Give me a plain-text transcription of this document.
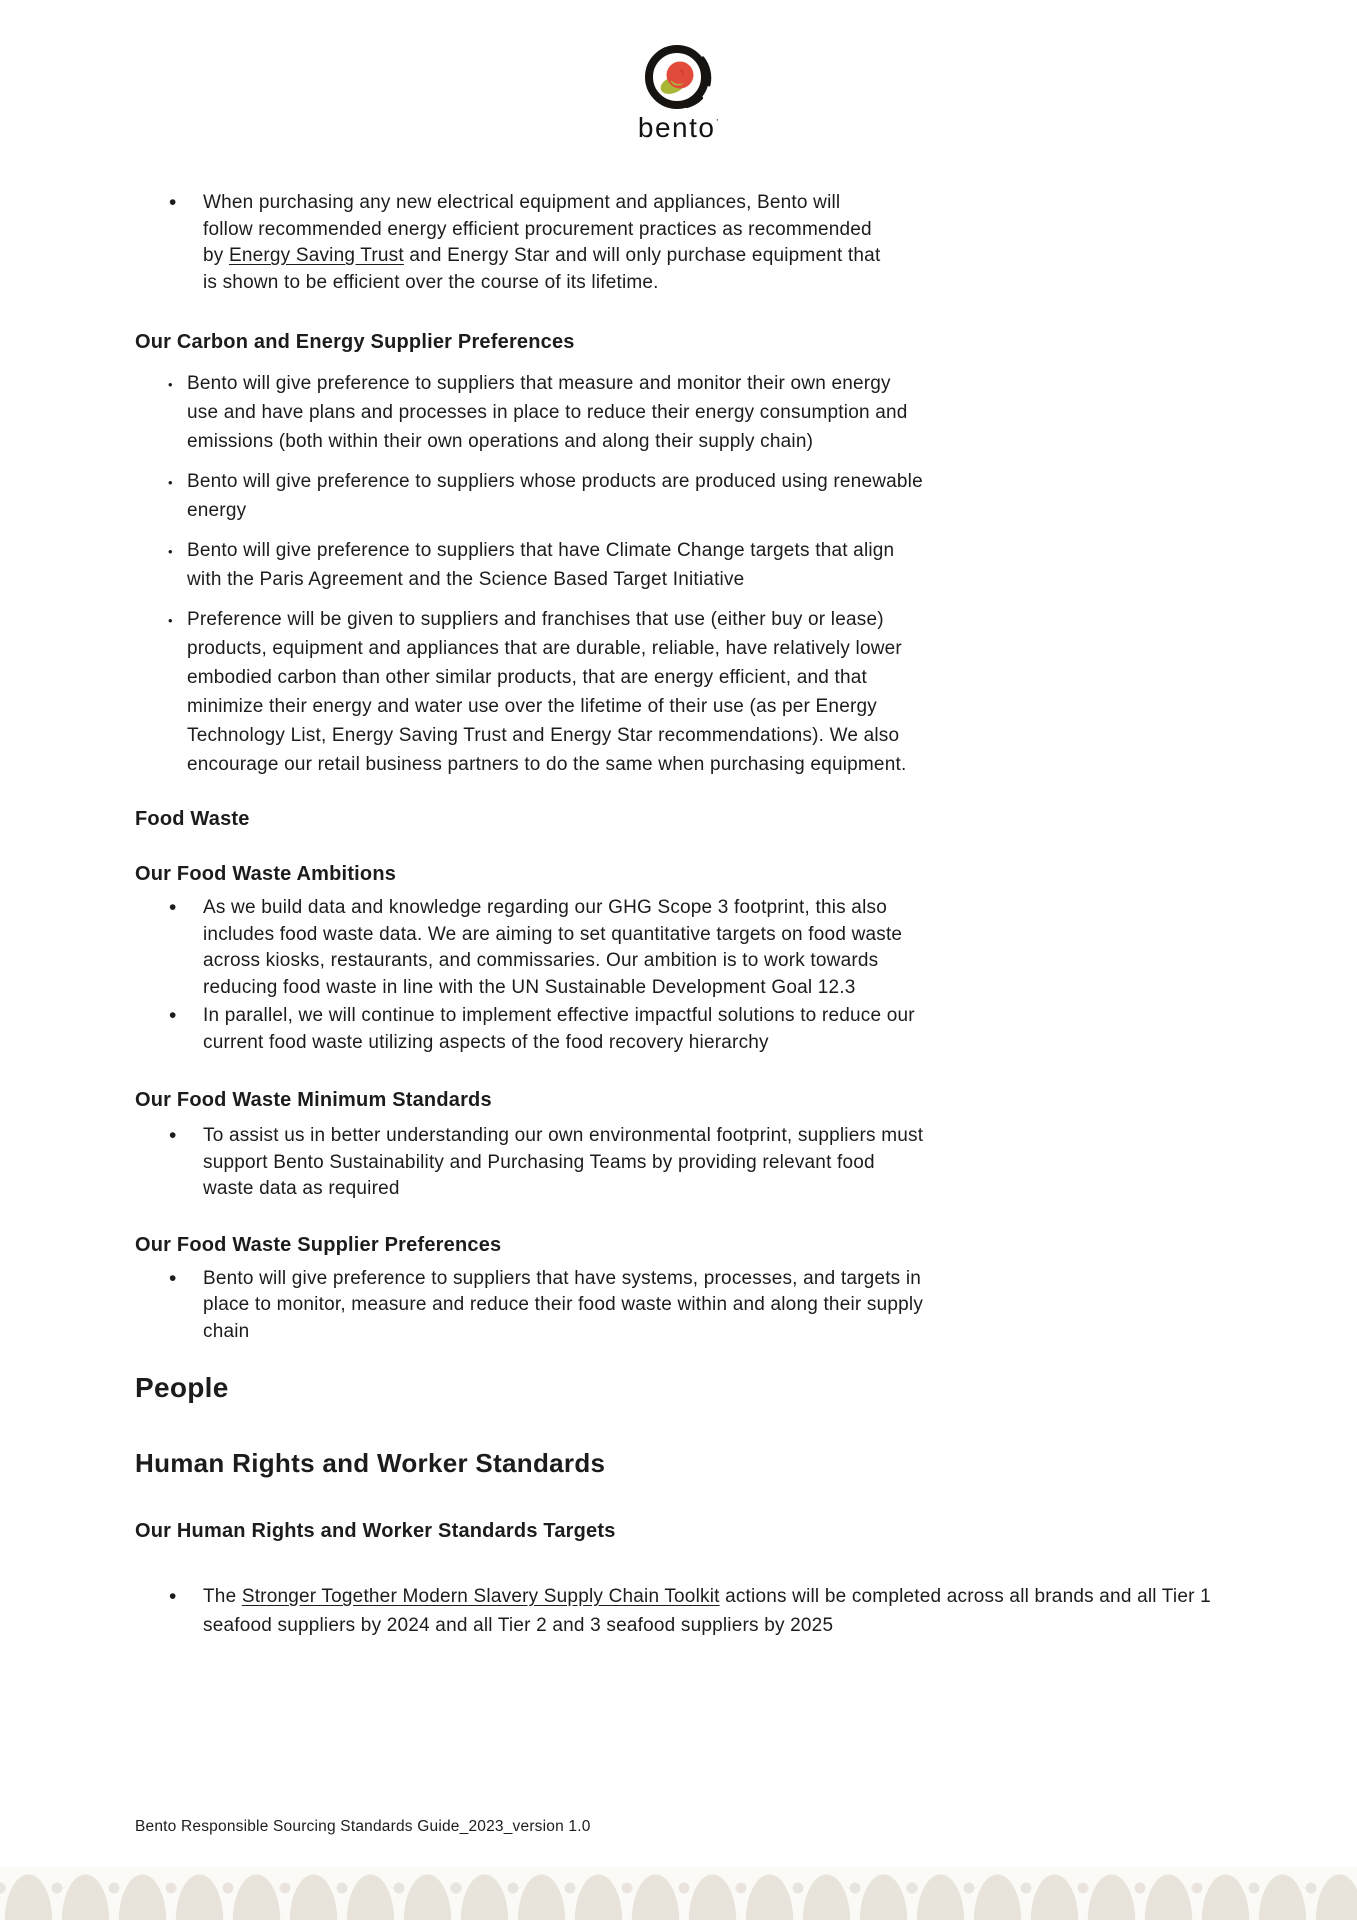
bento·
• When purchasing any new electrical equipment and appliances, Bento will follow recommended energy efficient procurement practices as recommended by Energy Saving Trust and Energy Star and will only purchase equipment that is shown to be efficient over the course of its lifetime.
Our Carbon and Energy Supplier Preferences
• Bento will give preference to suppliers that measure and monitor their own energy use and have plans and processes in place to reduce their energy consumption and emissions (both within their own operations and along their supply chain)
• Bento will give preference to suppliers whose products are produced using renewable energy
• Bento will give preference to suppliers that have Climate Change targets that align with the Paris Agreement and the Science Based Target Initiative
• Preference will be given to suppliers and franchises that use (either buy or lease) products, equipment and appliances that are durable, reliable, have relatively lower embodied carbon than other similar products, that are energy efficient, and that minimize their energy and water use over the lifetime of their use (as per Energy Technology List, Energy Saving Trust and Energy Star recommendations). We also encourage our retail business partners to do the same when purchasing equipment.
Food Waste
Our Food Waste Ambitions
• As we build data and knowledge regarding our GHG Scope 3 footprint, this also includes food waste data. We are aiming to set quantitative targets on food waste across kiosks, restaurants, and commissaries. Our ambition is to work towards reducing food waste in line with the UN Sustainable Development Goal 12.3
• In parallel, we will continue to implement effective impactful solutions to reduce our current food waste utilizing aspects of the food recovery hierarchy
Our Food Waste Minimum Standards
• To assist us in better understanding our own environmental footprint, suppliers must support Bento Sustainability and Purchasing Teams by providing relevant food waste data as required
Our Food Waste Supplier Preferences
• Bento will give preference to suppliers that have systems, processes, and targets in place to monitor, measure and reduce their food waste within and along their supply chain
People
Human Rights and Worker Standards
Our Human Rights and Worker Standards Targets
• The Stronger Together Modern Slavery Supply Chain Toolkit actions will be completed across all brands and all Tier 1 seafood suppliers by 2024 and all Tier 2 and 3 seafood suppliers by 2025
Bento Responsible Sourcing Standards Guide_2023_version 1.0
